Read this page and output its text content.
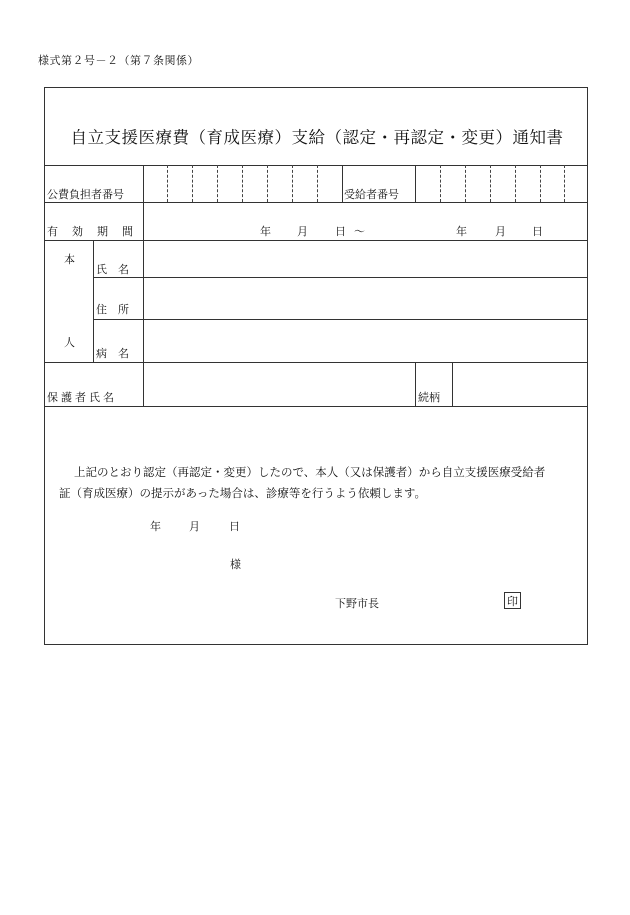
様式第２号－２（第７条関係）
自立支援医療費（育成医療）支給（認定・再認定・変更）通知書
公費負担者番号	受給者番号
有効期間	年 月 日 ～	年	月 日
本
人
氏名
住所
病名
保護者氏名	続柄

上記のとおり認定（再認定・変更）したので、本人（又は保護者）から自立支援医療受給者

証（育成医療）の提示があった場合は、診療等を行うよう依頼します。

年	月	日
様
下野市長	印
